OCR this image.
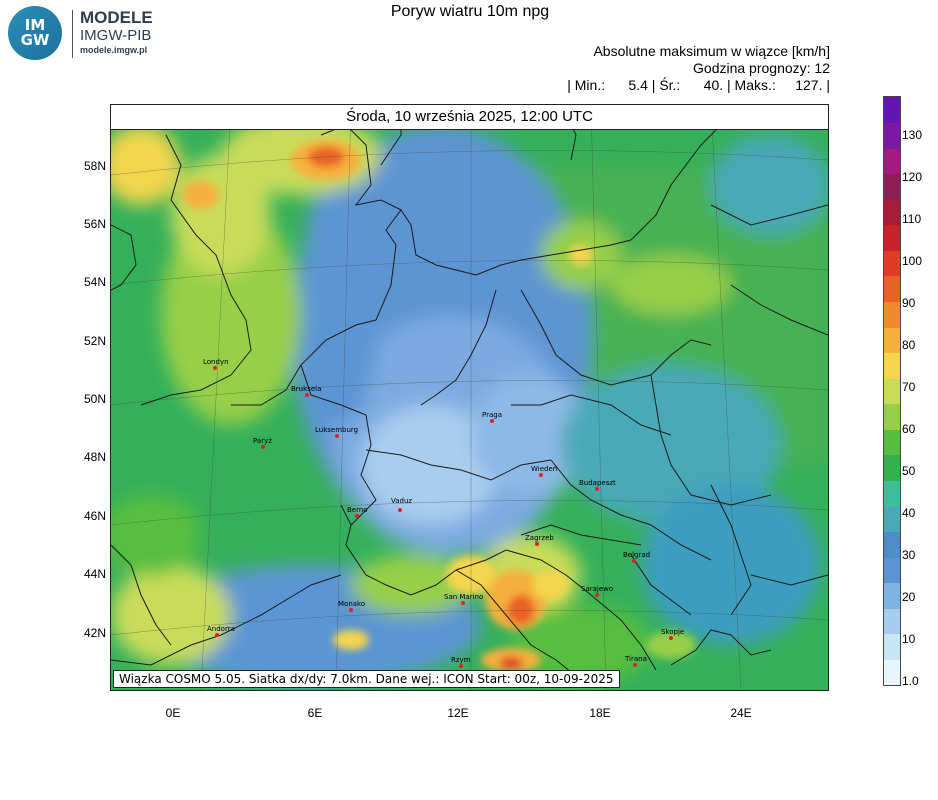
IM
GW
MODELE
IMGW-PIB
modele.imgw.pl
Poryw wiatru 10m npg
Absolutne maksimum w wiązce [km/h]
Godzina prognozy: 12
| Min.:      5.4 | Śr.:      40. | Maks.:     127. |
Środa, 10 września 2025, 12:00 UTC
Londyn
Bruksela
Paryż
Luksemburg
Praga
Wiedeń
Budapeszt
Vaduz
Berno
Zagrzeb
Belgrad
Sarajewo
San Marino
Monako
Andorra	Skopje
Tirana
Rzym
Wiązka COSMO 5.05. Siatka dx/dy: 7.0km. Dane wej.: ICON Start: 00z, 10-09-2025
58N
56N
54N
52N
50N
48N
46N
44N
42N
0E	6E	12E	18E	24E
130
120
110
100
90
80
70
60
50
40
30
20
10
1.0
